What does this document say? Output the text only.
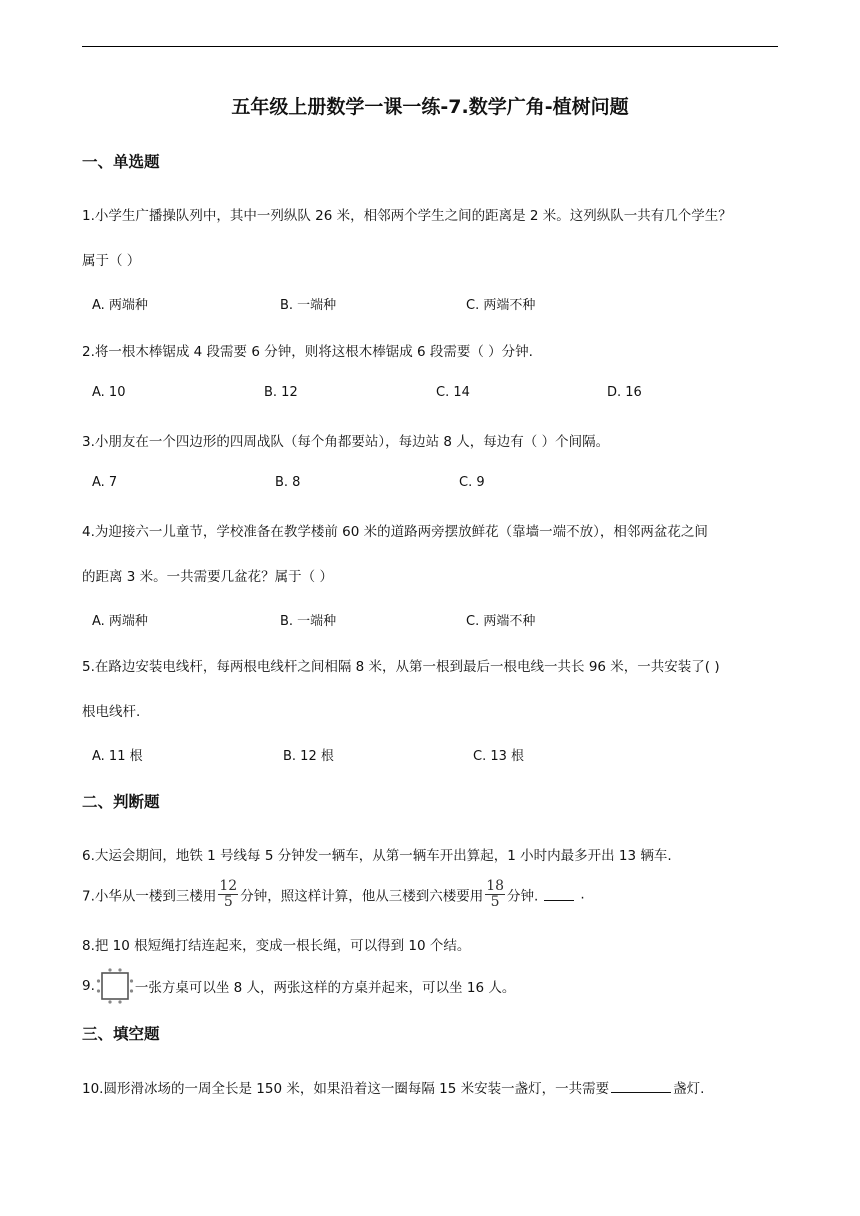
五年级上册数学一课一练-7.数学广角-植树问题
一、单选题
1.小学生广播操队列中，其中一列纵队 26 米，相邻两个学生之间的距离是 2 米。这列纵队一共有几个学生？
属于（ ）
A. 两端种	B. 一端种	C. 两端不种
2.将一根木棒锯成 4 段需要 6 分钟，则将这根木棒锯成 6 段需要（ ）分钟.
A. 10	B. 12	C. 14	D. 16
3.小朋友在一个四边形的四周战队（每个角都要站），每边站 8 人，每边有（ ）个间隔。
A. 7	B. 8	C. 9
4.为迎接六一儿童节，学校准备在教学楼前 60 米的道路两旁摆放鲜花（靠墙一端不放），相邻两盆花之间
的距离 3 米。一共需要几盆花？属于（ ）
A. 两端种	B. 一端种	C. 两端不种
5.在路边安装电线杆，每两根电线杆之间相隔 8 米，从第一根到最后一根电线一共长 96 米，一共安装了( )
根电线杆.
A. 11 根	B. 12 根	C. 13 根
二、判断题
6.大运会期间，地铁 1 号线每 5 分钟发一辆车，从第一辆车开出算起，1 小时内最多开出 13 辆车.
7.小华从一楼到三楼用 $\frac{12}{5}$ 分钟，照这样计算，他从三楼到六楼要用 $\frac{18}{5}$ 分钟.	.
8.把 10 根短绳打结连起来，变成一根长绳，可以得到 10 个结。
9.	一张方桌可以坐 8 人，两张这样的方桌并起来，可以坐 16 人。
三、填空题
10.圆形滑冰场的一周全长是 150 米，如果沿着这一圈每隔 15 米安装一盏灯，一共需要	盏灯.
